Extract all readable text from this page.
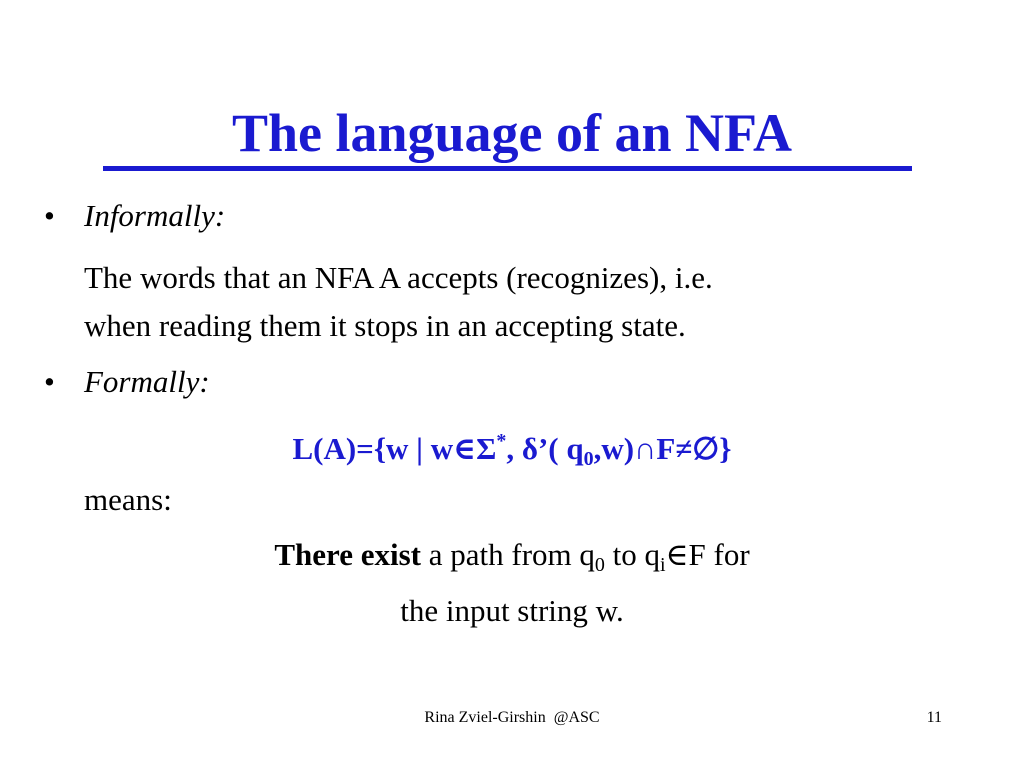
The language of an NFA
• Informally:
The words that an NFA A accepts (recognizes), i.e.
when reading them it stops in an accepting state.
• Formally:
L(A)={w | w∈Σ*, δ’( $q_0,w)\cap F\ne\emptyset$}
means:
There exist a path from $q_0$ to $q_i\in F$ for
the input string w.
Rina Zviel-Girshin  @ASC	11
